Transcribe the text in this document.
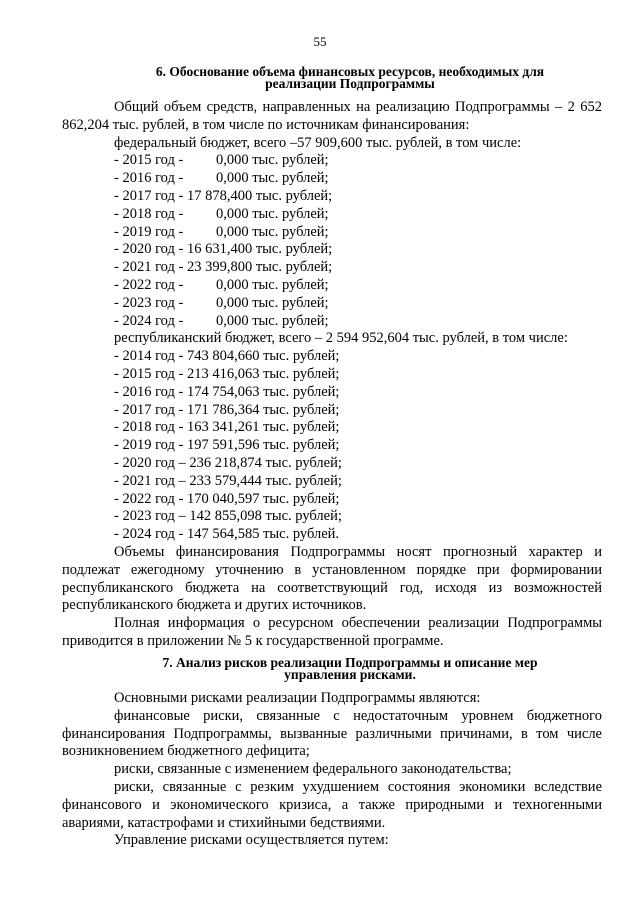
55
6. Обоснование объема финансовых ресурсов, необходимых для
реализации Подпрограммы

Общий объем средств, направленных на реализацию Подпрограммы – 2 652 862,204 тыс. рублей, в том числе по источникам финансирования:

федеральный бюджет, всего –57 909,600 тыс. рублей, в том числе:

- 2015 год -         0,000 тыс. рублей;
- 2016 год -         0,000 тыс. рублей;
- 2017 год - 17 878,400 тыс. рублей;
- 2018 год -         0,000 тыс. рублей;
- 2019 год -         0,000 тыс. рублей;
- 2020 год - 16 631,400 тыс. рублей;
- 2021 год - 23 399,800 тыс. рублей;
- 2022 год -         0,000 тыс. рублей;
- 2023 год -         0,000 тыс. рублей;
- 2024 год -         0,000 тыс. рублей;

республиканский бюджет, всего – 2 594 952,604 тыс. рублей, в том числе:

- 2014 год - 743 804,660 тыс. рублей;
- 2015 год - 213 416,063 тыс. рублей;
- 2016 год - 174 754,063 тыс. рублей;
- 2017 год - 171 786,364 тыс. рублей;
- 2018 год - 163 341,261 тыс. рублей;
- 2019 год - 197 591,596 тыс. рублей;
- 2020 год – 236 218,874 тыс. рублей;
- 2021 год – 233 579,444 тыс. рублей;
- 2022 год - 170 040,597 тыс. рублей;
- 2023 год – 142 855,098 тыс. рублей;
- 2024 год - 147 564,585 тыс. рублей.

Объемы финансирования Подпрограммы носят прогнозный характер и подлежат ежегодному уточнению в установленном порядке при формировании республиканского бюджета на соответствующий год, исходя из возможностей республиканского бюджета и других источников.

Полная информация о ресурсном обеспечении реализации Подпрограммы приводится в приложении № 5 к государственной программе.

7. Анализ рисков реализации Подпрограммы и описание мер
управления рисками.

Основными рисками реализации Подпрограммы являются:

финансовые риски, связанные с недостаточным уровнем бюджетного финансирования Подпрограммы, вызванные различными причинами, в том числе возникновением бюджетного дефицита;

риски, связанные с изменением федерального законодательства;

риски, связанные с резким ухудшением состояния экономики вследствие финансового и экономического кризиса, а также природными и техногенными авариями, катастрофами и стихийными бедствиями.

Управление рисками осуществляется путем:
